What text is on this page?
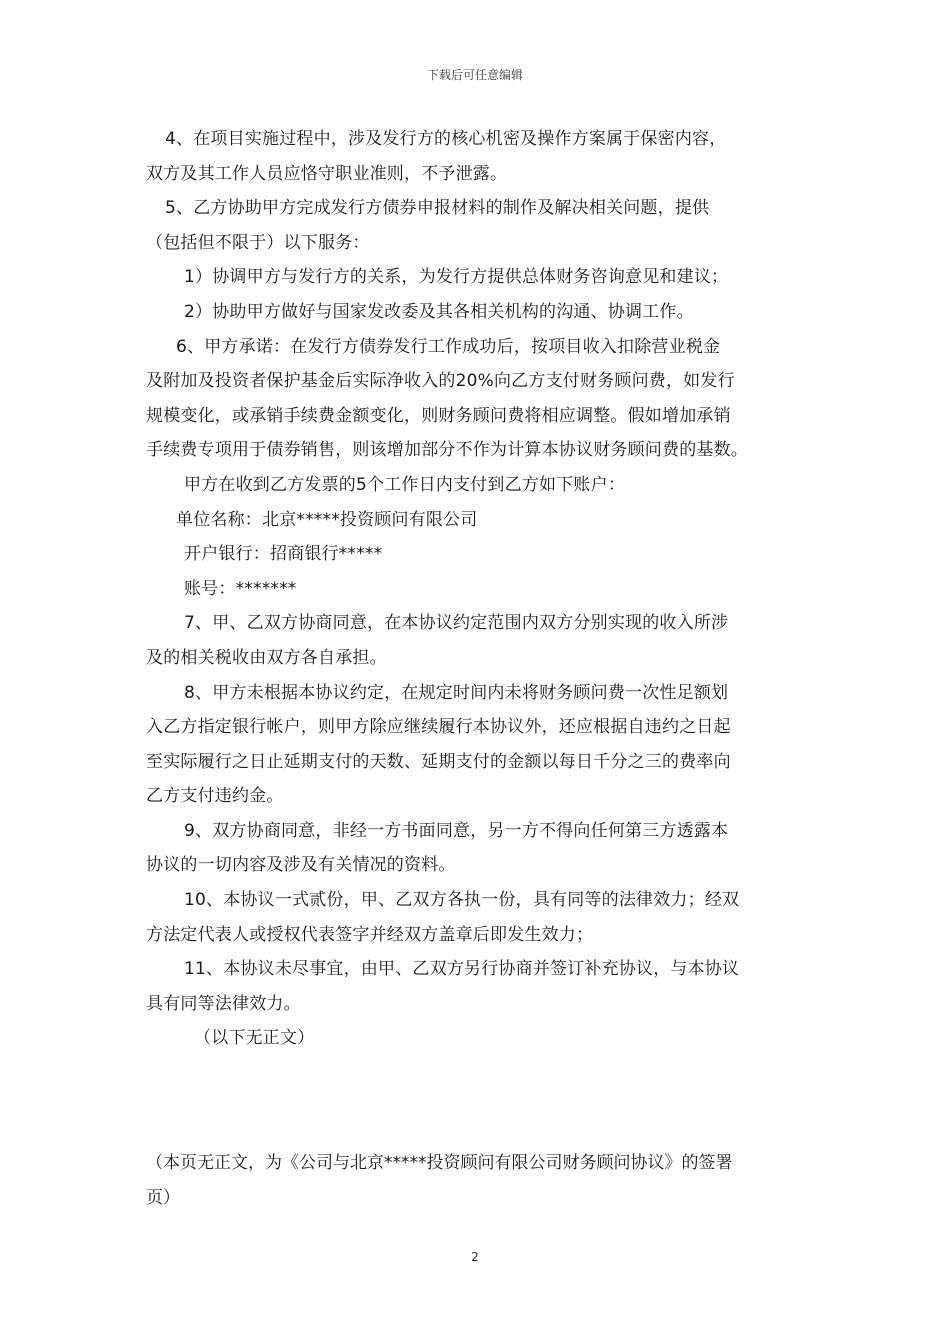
下载后可任意编辑

4、在项目实施过程中，涉及发行方的核心机密及操作方案属于保密内容，

双方及其工作人员应恪守职业准则，不予泄露。

5、乙方协助甲方完成发行方债券申报材料的制作及解决相关问题，提供

（包括但不限于）以下服务：

1）协调甲方与发行方的关系，为发行方提供总体财务咨询意见和建议；

2）协助甲方做好与国家发改委及其各相关机构的沟通、协调工作。

6、甲方承诺：在发行方债券发行工作成功后，按项目收入扣除营业税金

及附加及投资者保护基金后实际净收入的20%向乙方支付财务顾问费，如发行

规模变化，或承销手续费金额变化，则财务顾问费将相应调整。假如增加承销

手续费专项用于债券销售，则该增加部分不作为计算本协议财务顾问费的基数。

甲方在收到乙方发票的5个工作日内支付到乙方如下账户：

单位名称：北京*****投资顾问有限公司

开户银行：招商银行*****

账号：*******

7、甲、乙双方协商同意，在本协议约定范围内双方分别实现的收入所涉

及的相关税收由双方各自承担。

8、甲方未根据本协议约定，在规定时间内未将财务顾问费一次性足额划

入乙方指定银行帐户，则甲方除应继续履行本协议外，还应根据自违约之日起

至实际履行之日止延期支付的天数、延期支付的金额以每日千分之三的费率向

乙方支付违约金。

9、双方协商同意，非经一方书面同意，另一方不得向任何第三方透露本

协议的一切内容及涉及有关情况的资料。

10、本协议一式贰份，甲、乙双方各执一份，具有同等的法律效力；经双

方法定代表人或授权代表签字并经双方盖章后即发生效力；

11、本协议未尽事宜，由甲、乙双方另行协商并签订补充协议，与本协议

具有同等法律效力。

（以下无正文）

（本页无正文，为《公司与北京*****投资顾问有限公司财务顾问协议》的签署
页）
2
